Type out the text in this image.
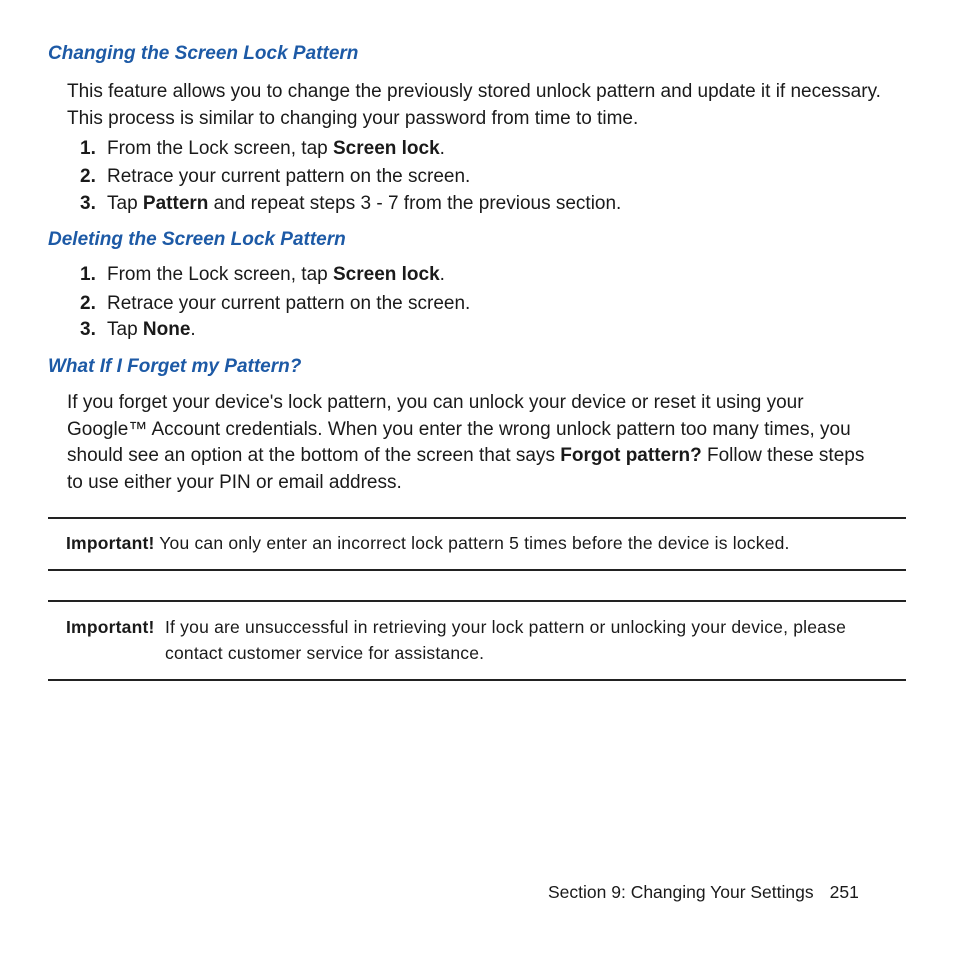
Changing the Screen Lock Pattern

This feature allows you to change the previously stored unlock pattern and update it if necessary. This process is similar to changing your password from time to time.

1. From the Lock screen, tap Screen lock.

2. Retrace your current pattern on the screen.

3. Tap Pattern and repeat steps 3 - 7 from the previous section.

Deleting the Screen Lock Pattern

1. From the Lock screen, tap Screen lock.

2. Retrace your current pattern on the screen.

3. Tap None.

What If I Forget my Pattern?

If you forget your device's lock pattern, you can unlock your device or reset it using your Google™ Account credentials. When you enter the wrong unlock pattern too many times, you should see an option at the bottom of the screen that says Forgot pattern? Follow these steps to use either your PIN or email address.

Important! You can only enter an incorrect lock pattern 5 times before the device is locked.

Important! If you are unsuccessful in retrieving your lock pattern or unlocking your device, please contact customer service for assistance.
Section 9: Changing Your Settings 251
